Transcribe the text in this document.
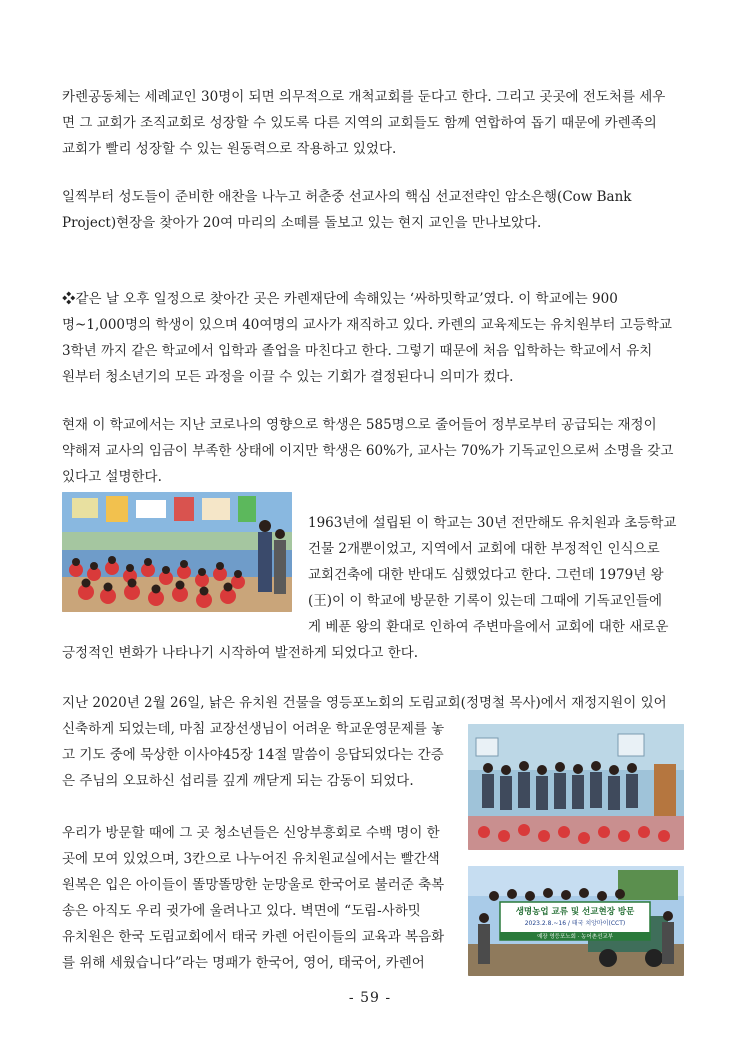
카렌공동체는 세례교인 30명이 되면 의무적으로 개척교회를 둔다고 한다. 그리고 곳곳에 전도처를 세우
면 그 교회가 조직교회로 성장할 수 있도록 다른 지역의 교회들도 함께 연합하여 돕기 때문에 카렌족의
교회가 빨리 성장할 수 있는 원동력으로 작용하고 있었다.

일찍부터 성도들이 준비한 애찬을 나누고 허춘중 선교사의 핵심 선교전략인 암소은행(Cow Bank
Project)현장을 찾아가 20여 마리의 소떼를 돌보고 있는 현지 교인을 만나보았다.

❖같은 날 오후 일정으로 찾아간 곳은 카렌재단에 속해있는 ‘싸하밋학교’였다. 이 학교에는 900
명~1,000명의 학생이 있으며 40여명의 교사가 재직하고 있다. 카렌의 교육제도는 유치원부터 고등학교
3학년 까지 같은 학교에서 입학과 졸업을 마친다고 한다. 그렇기 때문에 처음 입학하는 학교에서 유치
원부터 청소년기의 모든 과정을 이끌 수 있는 기회가 결정된다니 의미가 컸다.

현재 이 학교에서는 지난 코로나의 영향으로 학생은 585명으로 줄어들어 정부로부터 공급되는 재정이
약해져 교사의 임금이 부족한 상태에 이지만 학생은 60%가, 교사는 70%가 기독교인으로써 소명을 갖고
있다고 설명한다.

1963년에 설립된 이 학교는 30년 전만해도 유치원과 초등학교
건물 2개뿐이었고, 지역에서 교회에 대한 부정적인 인식으로
교회건축에 대한 반대도 심했었다고 한다. 그런데 1979년 왕
(王)이 이 학교에 방문한 기록이 있는데 그때에 기독교인들에
게 베푼 왕의 환대로 인하여 주변마을에서 교회에 대한 새로운

긍정적인 변화가 나타나기 시작하여 발전하게 되었다고 한다.

지난 2020년 2월 26일, 낡은 유치원 건물을 영등포노회의 도림교회(정명철 목사)에서 재정지원이 있어

신축하게 되었는데, 마침 교장선생님이 어려운 학교운영문제를 놓
고 기도 중에 묵상한 이사야45장 14절 말씀이 응답되었다는 간증
은 주님의 오묘하신 섭리를 깊게 깨닫게 되는 감동이 되었다.

우리가 방문할 때에 그 곳 청소년들은 신앙부흥회로 수백 명이 한
곳에 모여 있었으며, 3칸으로 나누어진 유치원교실에서는 빨간색
원복은 입은 아이들이 똘망똘망한 눈망울로 한국어로 불러준 축복
송은 아직도 우리 귓가에 울려나고 있다. 벽면에 “도림-사하밋
유치원은 한국 도림교회에서 태국 카렌 어린이들의 교육과 복음화
를 위해 세웠습니다”라는 명패가 한국어, 영어, 태국어, 카렌어

생명농업 교류 및 선교현장 방문
2023.2.8.~16 / 태국 치앙마이(CCT)
예장 영등포노회 · 농어촌선교부
- 59 -
